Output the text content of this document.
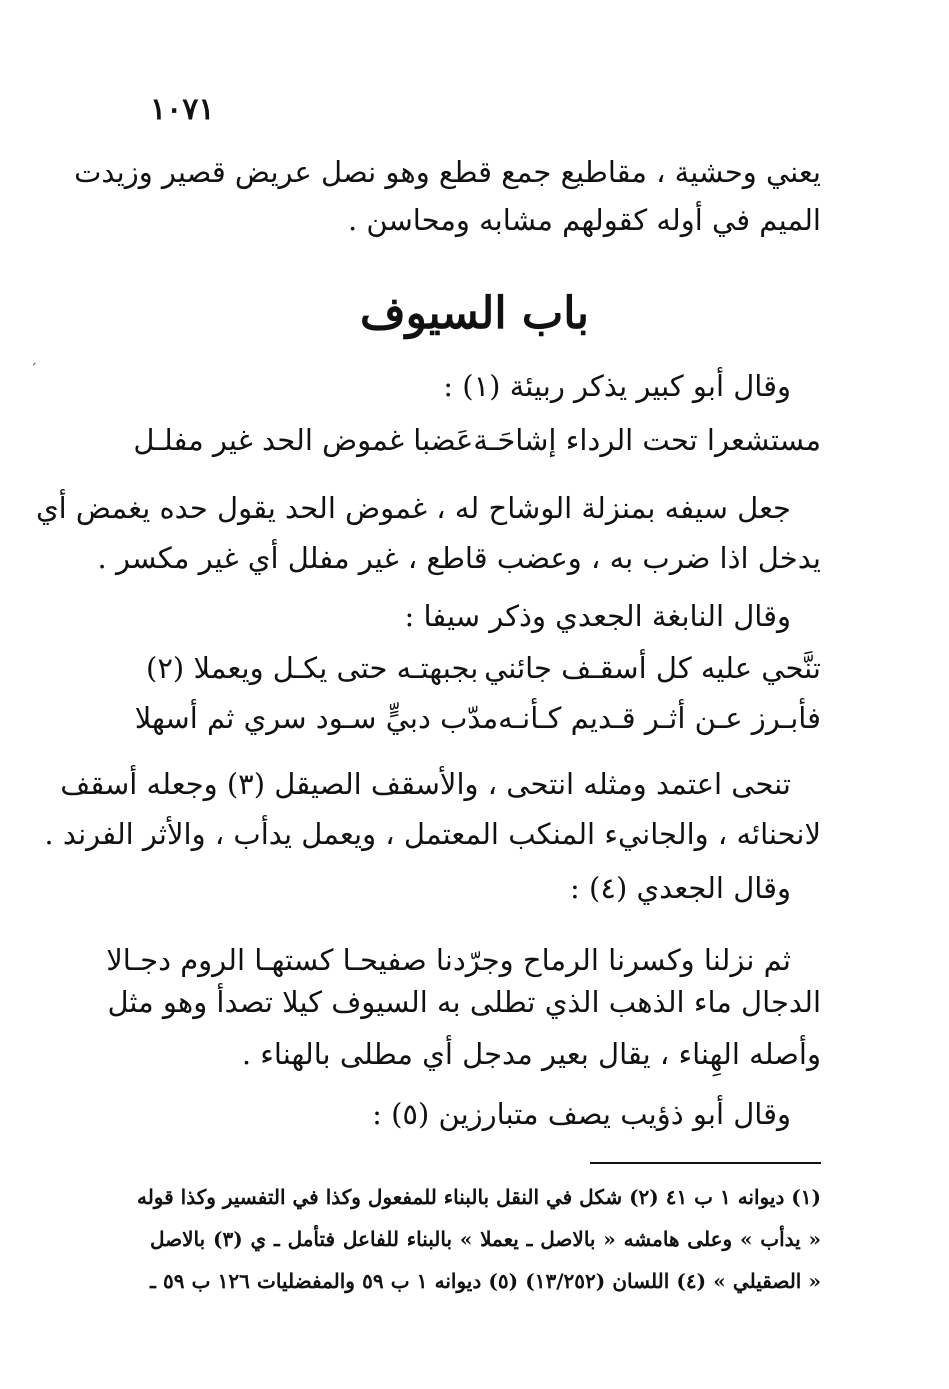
١٠٧١
ˊ
يعني وحشية ، مقاطيع جمع قطع وهو نصل عريض قصير وزيدت
الميم في أوله كقولهم مشابه ومحاسن .
باب السيوف
وقال أبو كبير يذكر ربيئة (١) :
مستشعرا تحت الرداء إشاحَـة
عَضبا غموض الحد غير مفلـل
جعل سيفه بمنزلة الوشاح له ، غموض الحد يقول حده يغمض أي
يدخل اذا ضرب به ، وعضب قاطع ، غير مفلل أي غير مكسر .
وقال النابغة الجعدي وذكر سيفا :
تنَّحي عليه كل أسقـف جائني
بجبهتـه حتى يكـل ويعملا (٢)
فأبـرز عـن أثـر قـديم كـأنـه
مدّب دبيٍّ سـود سري ثم أسهلا
تنحى اعتمد ومثله انتحى ، والأسقف الصيقل (٣) وجعله أسقف
لانحنائه ، والجانيء المنكب المعتمل ، ويعمل يدأب ، والأثر الفرند .
وقال الجعدي (٤) :
ثم نزلنا وكسرنا الرماح وجرّدنا صفيحـا كستهـا الروم دجـالا
الدجال ماء الذهب الذي تطلى به السيوف كيلا تصدأ وهو مثل
وأصله الهِناء ، يقال بعير مدجل أي مطلى بالهناء .
وقال أبو ذؤيب يصف متبارزين (٥) :
(١) ديوانه ١ ب ٤١ (٢) شكل في النقل بالبناء للمفعول وكذا في التفسير وكذا قوله
« يدأب » وعلى هامشه « بالاصل ـ يعملا » بالبناء للفاعل فتأمل ـ ي (٣) بالاصل
« الصقيلي » (٤) اللسان (١٣/٢٥٢) (٥) ديوانه ١ ب ٥٩ والمفضليات ١٢٦ ب ٥٩ ـ
